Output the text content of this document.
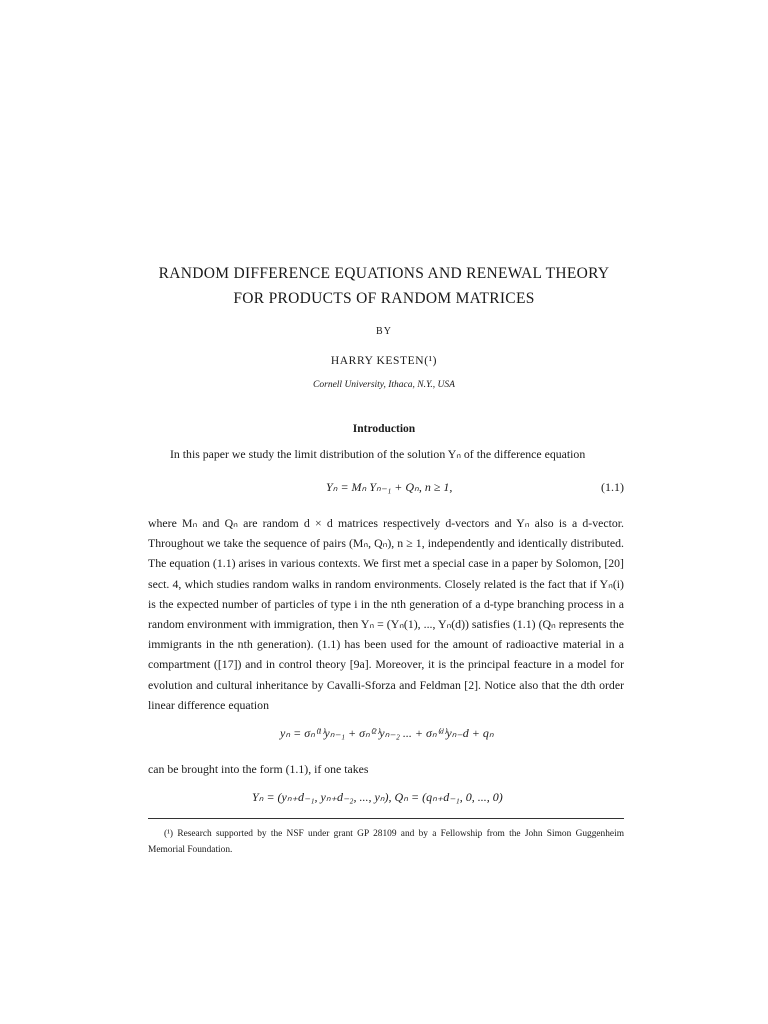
RANDOM DIFFERENCE EQUATIONS AND RENEWAL THEORY
FOR PRODUCTS OF RANDOM MATRICES
BY
HARRY KESTEN(¹)
Cornell University, Ithaca, N.Y., USA
Introduction
In this paper we study the limit distribution of the solution Yₙ of the difference equation
Yₙ = Mₙ Yₙ₋₁ + Qₙ, n ≥ 1,	(1.1)
where Mₙ and Qₙ are random d × d matrices respectively d-vectors and Yₙ also is a d-vector. Throughout we take the sequence of pairs (Mₙ, Qₙ), n ≥ 1, independently and identically distributed. The equation (1.1) arises in various contexts. We first met a special case in a paper by Solomon, [20] sect. 4, which studies random walks in random environments. Closely related is the fact that if Yₙ(i) is the expected number of particles of type i in the nth generation of a d-type branching process in a random environment with immigration, then Yₙ = (Yₙ(1), ..., Yₙ(d)) satisfies (1.1) (Qₙ represents the immigrants in the nth generation). (1.1) has been used for the amount of radioactive material in a compartment ([17]) and in control theory [9a]. Moreover, it is the principal feacture in a model for evolution and cultural inheritance by Cavalli-Sforza and Feldman [2]. Notice also that the dth order linear difference equation
yₙ = σₙ⁽¹⁾yₙ₋₁ + σₙ⁽²⁾yₙ₋₂ ... + σₙ⁽ᵈ⁾yₙ₋d + qₙ
can be brought into the form (1.1), if one takes
Yₙ = (yₙ₊d₋₁, yₙ₊d₋₂, ..., yₙ), Qₙ = (qₙ₊d₋₁, 0, ..., 0)
(¹) Research supported by the NSF under grant GP 28109 and by a Fellowship from the John Simon Guggenheim Memorial Foundation.
